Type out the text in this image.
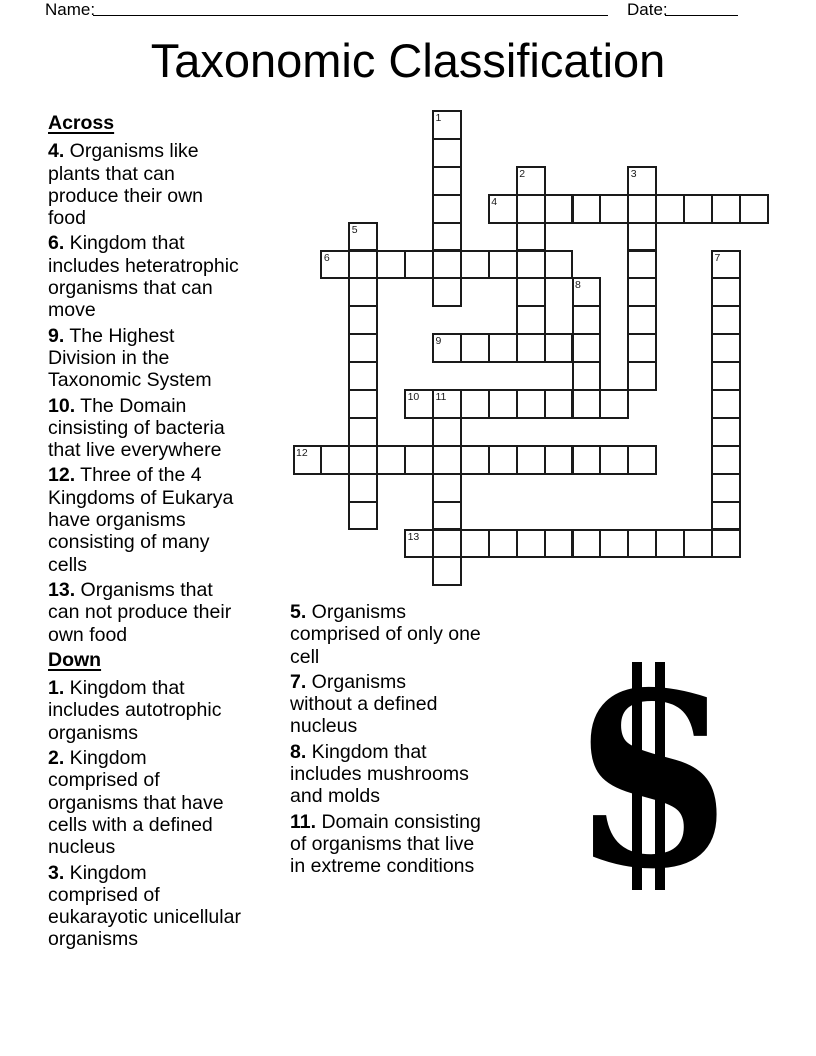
Name:	Date:
Taxonomic Classification
Across
4. Organisms like
plants that can
produce their own
food
6. Kingdom that
includes heteratrophic
organisms that can
move
9. The Highest
Division in the
Taxonomic System
10. The Domain
cinsisting of bacteria
that live everywhere
12. Three of the 4
Kingdoms of Eukarya
have organisms
consisting of many
cells
13. Organisms that
can not produce their
own food
Down
1. Kingdom that
includes autotrophic
organisms
2. Kingdom
comprised of
organisms that have
cells with a defined
nucleus
3. Kingdom
comprised of
eukarayotic unicellular
organisms
5. Organisms
comprised of only one
cell
7. Organisms
without a defined
nucleus
8. Kingdom that
includes mushrooms
and molds
11. Domain consisting
of organisms that live
in extreme conditions
1
2	3
4
5
6	7
8
9
10 11
12
13
S
